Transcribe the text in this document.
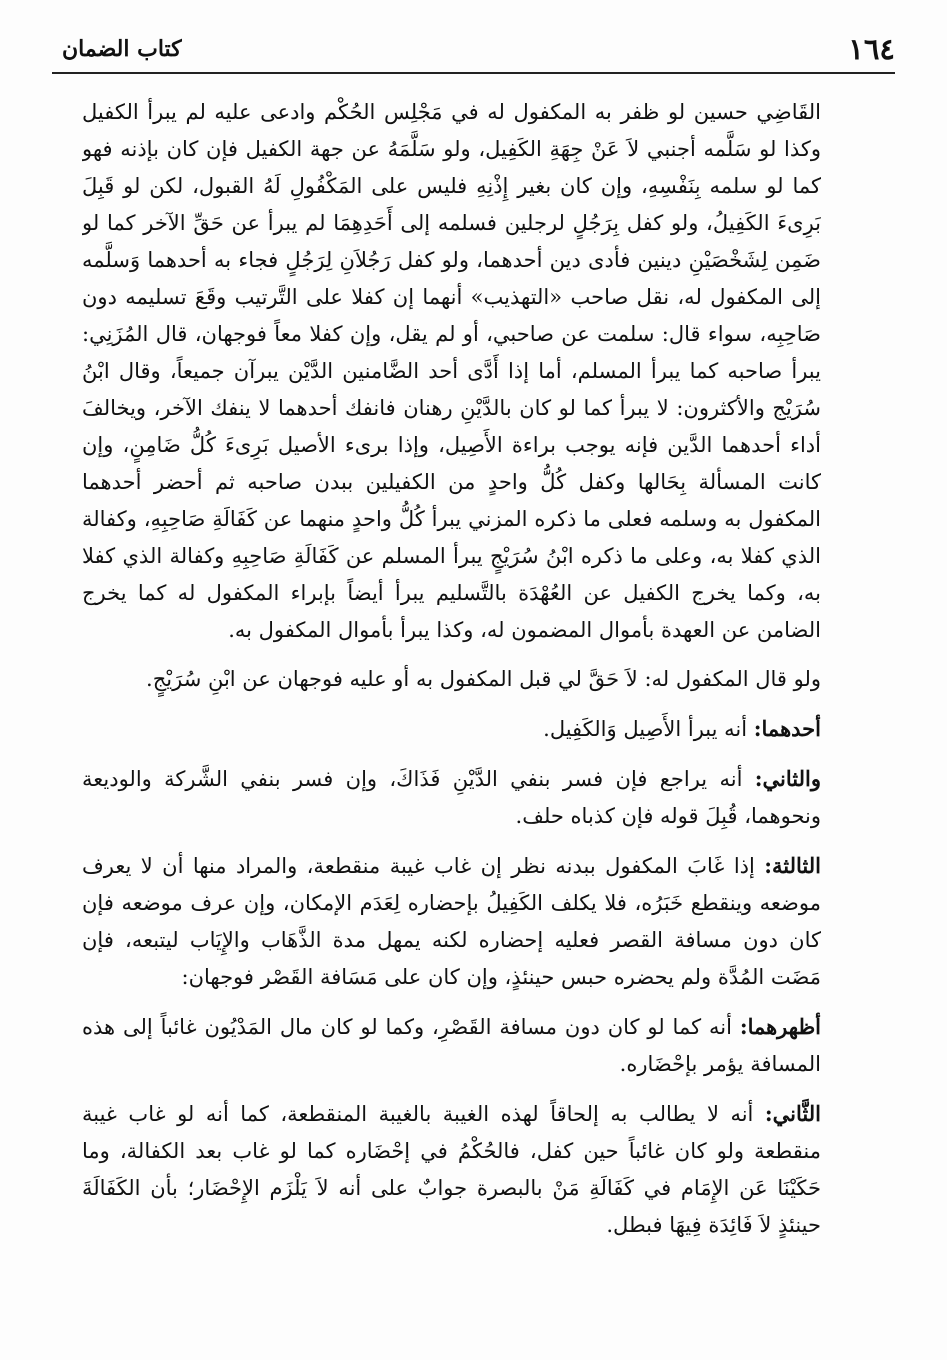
١٦٤
كتاب الضمان

القَاضِي حسين لو ظفر به المكفول له في مَجْلِس الحُكْم وادعى عليه لم يبرأ الكفيل وكذا لو سَلَّمه أجنبي لاَ عَنْ جِهَةِ الكَفِيل، ولو سَلَّمَهُ عن جهة الكفيل فإن كان بإذنه فهو كما لو سلمه بِنَفْسِهِ، وإن كان بغير إِذْنِهِ فليس على المَكْفُولِ لَهُ القبول، لكن لو قَبِلَ بَرِىءَ الكَفِيلُ، ولو كفل بِرَجُلٍ لرجلين فسلمه إلى أَحَدِهِمَا لم يبرأ عن حَقِّ الآخر كما لو ضَمِن لِشَخْصَيْنِ دينين فأدى دين أحدهما، ولو كفل رَجُلاَنِ لِرَجُلٍ فجاء به أحدهما وَسلَّمه إلى المكفول له، نقل صاحب «التهذيب» أنهما إن كفلا على التَّرتيب وقَعَ تسليمه دون صَاحِبِه، سواء قال: سلمت عن صاحبي، أو لم يقل، وإن كفلا معاً فوجهان، قال المُزَنِي: يبرأ صاحبه كما يبرأ المسلم، أما إذا أَدَّى أحد الضَّامنين الدَّيْن يبرآن جميعاً، وقال ابْنُ سُرَيْج والأكثرون: لا يبرأ كما لو كان بالدَّيْنِ رهنان فانفك أحدهما لا ينفك الآخر، ويخالفَ أداء أحدهما الدَّين فإنه يوجب براءة الأَصِيل، وإذا برىء الأصيل بَرِىءَ كُلُّ ضَامِنٍ، وإن كانت المسألة بِحَالها وكفل كُلُّ واحدٍ من الكفيلين ببدن صاحبه ثم أحضر أحدهما المكفول به وسلمه فعلى ما ذكره المزني يبرأ كُلُّ واحدٍ منهما عن كَفَالَةِ صَاحِبِهِ، وكفالة الذي كفلا به، وعلى ما ذكره ابْنُ سُرَيْجٍ يبرأ المسلم عن كَفَالَةِ صَاحِبِهِ وكفالة الذي كفلا به، وكما يخرج الكفيل عن العُهْدَة بالتَّسليم يبرأ أيضاً بإبراء المكفول له كما يخرج الضامن عن العهدة بأموال المضمون له، وكذا يبرأ بأموال المكفول به.

ولو قال المكفول له: لاَ حَقَّ لي قبل المكفول به أو عليه فوجهان عن ابْنِ سُرَيْجٍ.

أحدهما: أنه يبرأ الأَصِيل وَالكَفِيل.

والثاني: أنه يراجع فإن فسر بنفي الدَّيْنِ فَذَاكَ، وإن فسر بنفي الشَّركة والوديعة ونحوهما، قُبِلَ قوله فإن كذباه حلف.

الثالثة: إذا غَابَ المكفول ببدنه نظر إن غاب غيبة منقطعة، والمراد منها أن لا يعرف موضعه وينقطع خَبَرُه، فلا يكلف الكَفِيلُ بإحضاره لِعَدَم الإمكان، وإن عرف موضعه فإن كان دون مسافة القصر فعليه إحضاره لكنه يمهل مدة الذَّهَاب والإِيَاب ليتبعه، فإن مَضَت المُدَّة ولم يحضره حبس حينئذٍ، وإن كان على مَسَافة القَصْر فوجهان:

أظهرهما: أنه كما لو كان دون مسافة القَصْرِ، وكما لو كان مال المَدْيُون غائباً إلى هذه المسافة يؤمر بإحْضَاره.

الثَّاني: أنه لا يطالب به إلحاقاً لهذه الغيبة بالغيبة المنقطعة، كما أنه لو غاب غيبة منقطعة ولو كان غائباً حين كفل، فالحُكْمُ في إحْضَاره كما لو غاب بعد الكفالة، وما حَكَيْنَا عَن الإِمَام في كَفَالَةِ مَنْ بالبصرة جوابٌ على أنه لاَ يَلْزَم الإِحْضَار؛ بأن الكَفَالَةَ حينئذٍ لاَ فَائِدَة فِيهَا فبطل.
